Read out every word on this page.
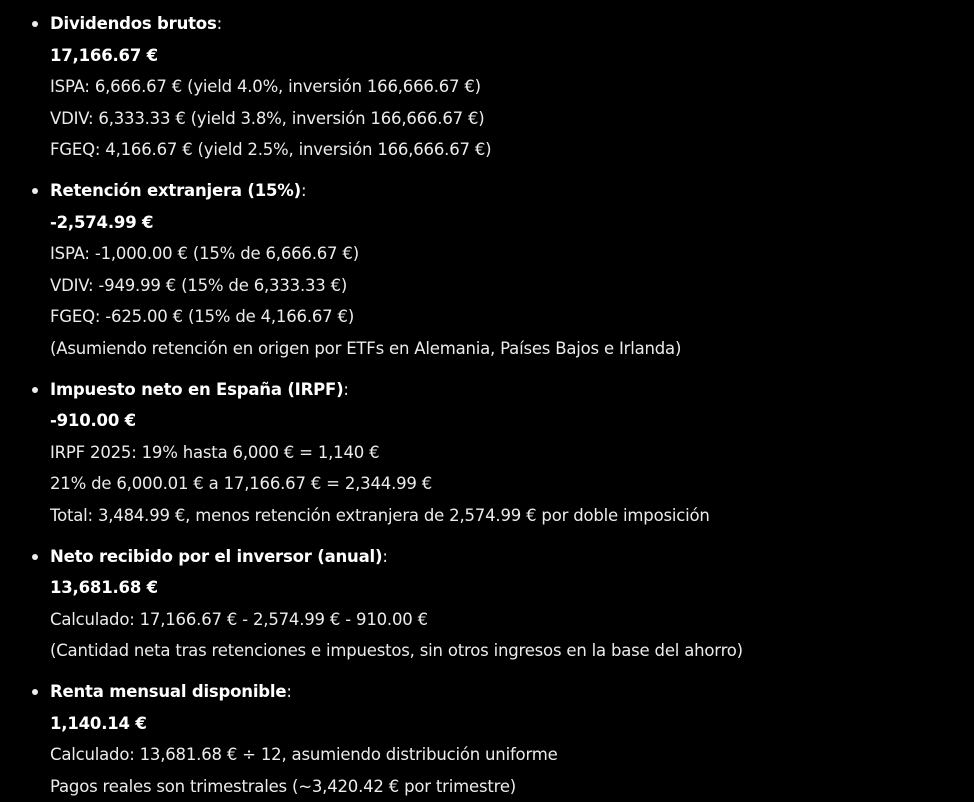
Dividendos brutos:
17,166.67 €
ISPA: 6,666.67 € (yield 4.0%, inversión 166,666.67 €)
VDIV: 6,333.33 € (yield 3.8%, inversión 166,666.67 €)
FGEQ: 4,166.67 € (yield 2.5%, inversión 166,666.67 €)
Retención extranjera (15%):
-2,574.99 €
ISPA: -1,000.00 € (15% de 6,666.67 €)
VDIV: -949.99 € (15% de 6,333.33 €)
FGEQ: -625.00 € (15% de 4,166.67 €)
(Asumiendo retención en origen por ETFs en Alemania, Países Bajos e Irlanda)
Impuesto neto en España (IRPF):
-910.00 €
IRPF 2025: 19% hasta 6,000 € = 1,140 €
21% de 6,000.01 € a 17,166.67 € = 2,344.99 €
Total: 3,484.99 €, menos retención extranjera de 2,574.99 € por doble imposición
Neto recibido por el inversor (anual):
13,681.68 €
Calculado: 17,166.67 € - 2,574.99 € - 910.00 €
(Cantidad neta tras retenciones e impuestos, sin otros ingresos en la base del ahorro)
Renta mensual disponible:
1,140.14 €
Calculado: 13,681.68 € ÷ 12, asumiendo distribución uniforme
Pagos reales son trimestrales (~3,420.42 € por trimestre)
